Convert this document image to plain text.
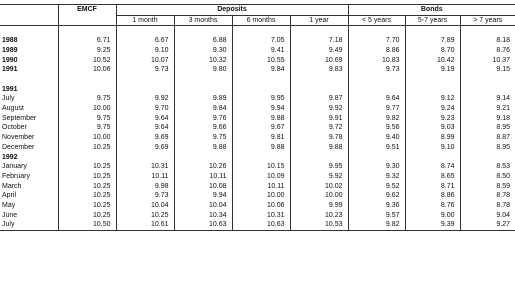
	EMCF	Deposits				Bonds		
		1 month	3 months	6 months	1 year	< 5 years	5-7 years	> 7 years

1988	6.71	6.67	6.88	7.05	7.18	7.70	7.89	8.18
1989	9.25	9.10	9.30	9.41	9.49	8.86	8.70	8.76
1990	10.52	10.07	10.32	10.55	10.69	10.83	10.42	10.37
1991	10.06	9.73	9.80	9.84	9.83	9.73	9.19	9.15

1991								
July	9.75	9.92	9.89	9.95	9.87	9.64	9.12	9.14
August	10.00	9.70	9.84	9.94	9.92	9.77	9.24	9.21
September	9.75	9.64	9.76	9.88	9.91	9.82	9.23	9.18
October	9.75	9.64	9.66	9.67	9.72	9.56	9.03	8.95
November	10.00	9.69	9.75	9.81	9.78	9.40	8.99	8.87
December	10.25	9.69	9.88	9.88	9.88	9.51	9.10	8.95
1992								
January	10.25	10.31	10.26	10.15	9.95	9.30	8.74	8.53
February	10.25	10.11	10.11	10.09	9.92	9.32	8.65	8.50
March	10.25	9.98	10.08	10.11	10.02	9.52	8.71	8.59
April	10.25	9.73	9.94	10.00	10.00	9.62	8.86	8.78
May	10.25	10.04	10.04	10.06	9.99	9.36	8.76	8.78
June	10.25	10.25	10.34	10.31	10.23	9.57	9.00	9.04
July	10.50	10.61	10.63	10.63	10.53	9.82	9.39	9.27
